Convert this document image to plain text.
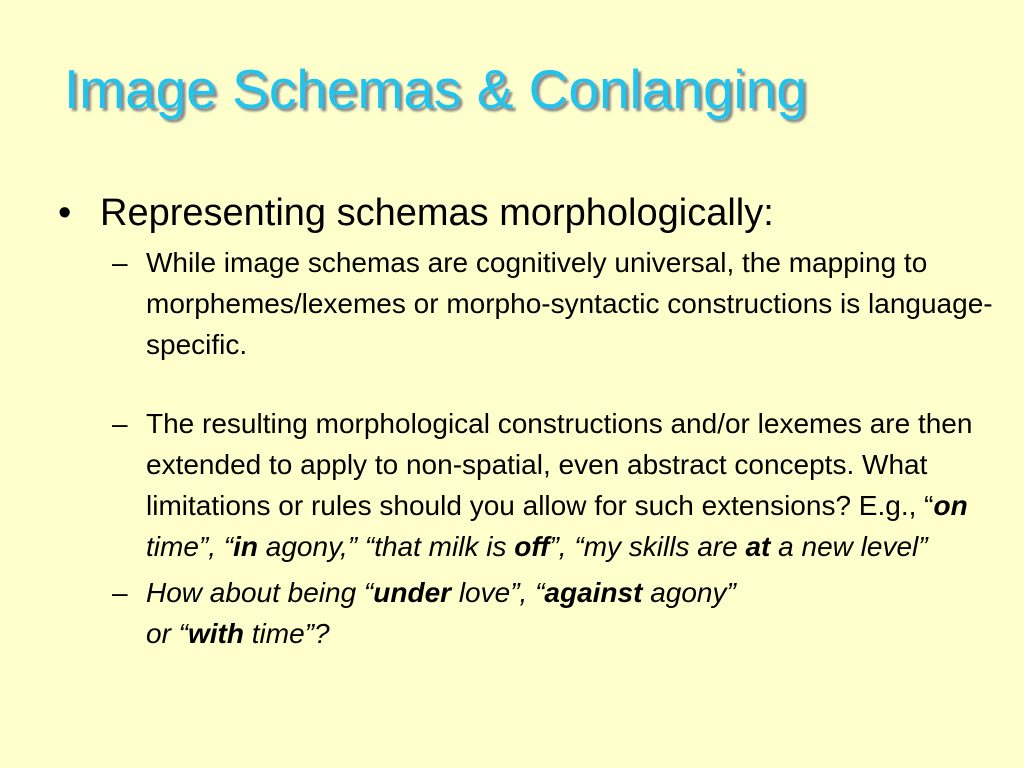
Image Schemas & Conlanging
• Representing schemas morphologically:
– While image schemas are cognitively universal, the mapping to morphemes/lexemes or morpho-syntactic constructions is language-specific.
– The resulting morphological constructions and/or lexemes are then extended to apply to non-spatial, even abstract concepts. What limitations or rules should you allow for such extensions? E.g., “on time”, “in agony,” “that milk is off”, “my skills are at a new level”
– How about being “under love”, “against agony”
or “with time”?
